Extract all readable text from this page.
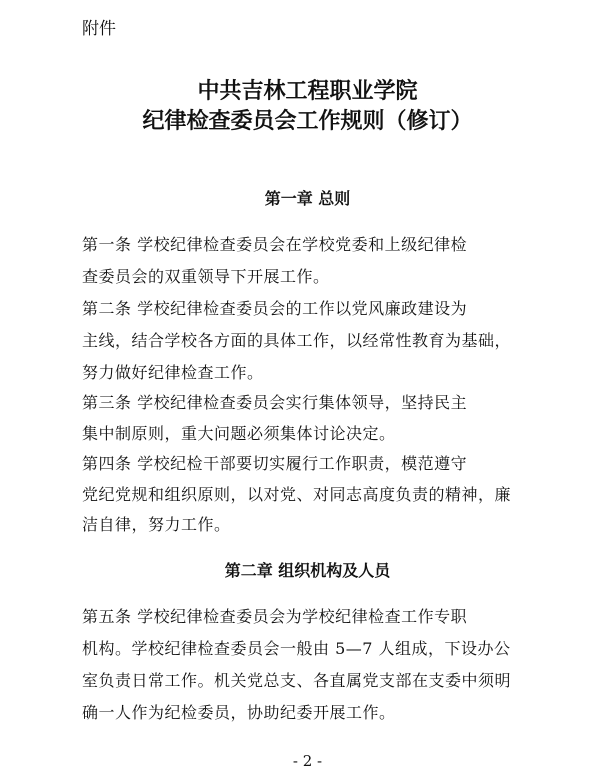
附件
中共吉林工程职业学院
纪律检查委员会工作规则（修订）
第一章 总则
第一条 学校纪律检查委员会在学校党委和上级纪律检
查委员会的双重领导下开展工作。
第二条 学校纪律检查委员会的工作以党风廉政建设为
主线，结合学校各方面的具体工作，以经常性教育为基础，
努力做好纪律检查工作。
第三条 学校纪律检查委员会实行集体领导，坚持民主
集中制原则，重大问题必须集体讨论决定。
第四条 学校纪检干部要切实履行工作职责，模范遵守
党纪党规和组织原则，以对党、对同志高度负责的精神，廉
洁自律，努力工作。
第二章 组织机构及人员
第五条 学校纪律检查委员会为学校纪律检查工作专职
机构。学校纪律检查委员会一般由 5—7 人组成，下设办公
室负责日常工作。机关党总支、各直属党支部在支委中须明
确一人作为纪检委员，协助纪委开展工作。
- 2 -
